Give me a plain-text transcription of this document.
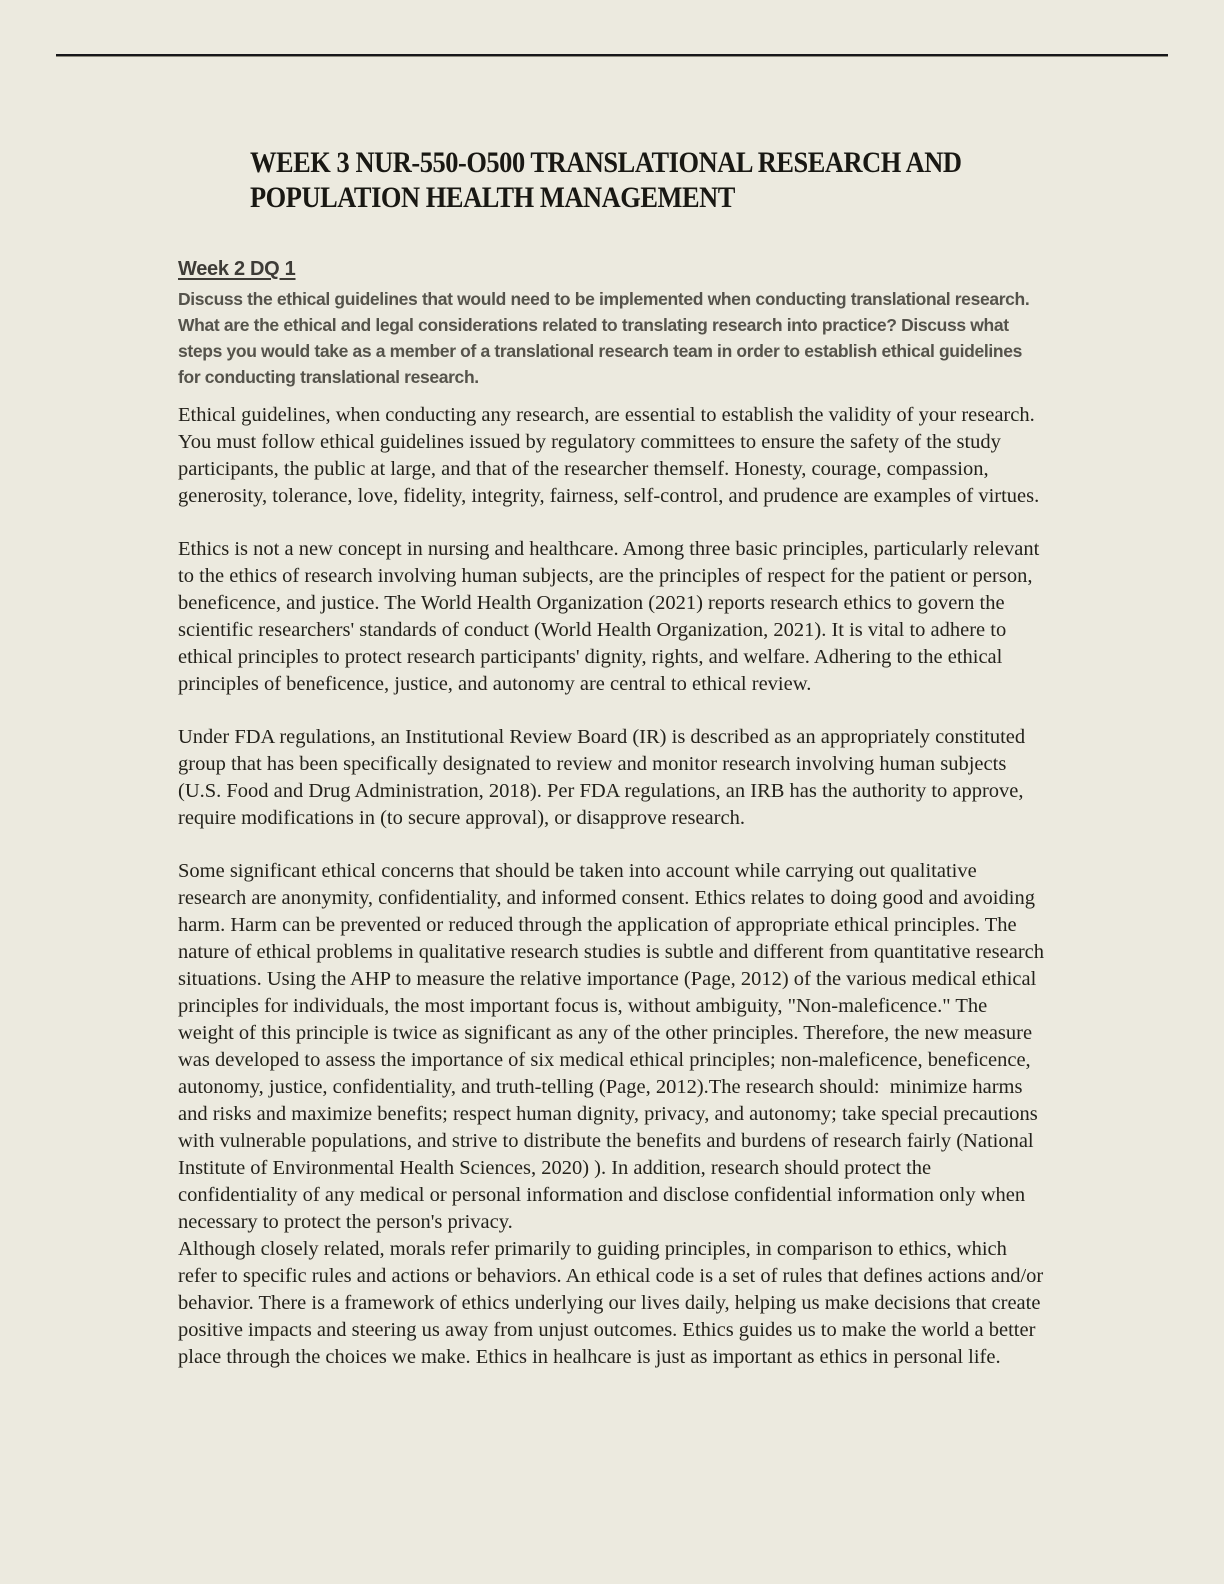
WEEK 3 NUR-550-O500 TRANSLATIONAL RESEARCH AND
POPULATION HEALTH MANAGEMENT
Week 2 DQ 1

Discuss the ethical guidelines that would need to be implemented when conducting translational research. What are the ethical and legal considerations related to translating research into practice? Discuss what steps you would take as a member of a translational research team in order to establish ethical guidelines for conducting translational research.

Ethical guidelines, when conducting any research, are essential to establish the validity of your research. You must follow ethical guidelines issued by regulatory committees to ensure the safety of the study participants, the public at large, and that of the researcher themself. Honesty, courage, compassion, generosity, tolerance, love, fidelity, integrity, fairness, self-control, and prudence are examples of virtues.

Ethics is not a new concept in nursing and healthcare. Among three basic principles, particularly relevant to the ethics of research involving human subjects, are the principles of respect for the patient or person, beneficence, and justice. The World Health Organization (2021) reports research ethics to govern the scientific researchers' standards of conduct (World Health Organization, 2021). It is vital to adhere to ethical principles to protect research participants' dignity, rights, and welfare. Adhering to the ethical principles of beneficence, justice, and autonomy are central to ethical review.

Under FDA regulations, an Institutional Review Board (IR) is described as an appropriately constituted group that has been specifically designated to review and monitor research involving human subjects (U.S. Food and Drug Administration, 2018). Per FDA regulations, an IRB has the authority to approve, require modifications in (to secure approval), or disapprove research.

Some significant ethical concerns that should be taken into account while carrying out qualitative research are anonymity, confidentiality, and informed consent. Ethics relates to doing good and avoiding harm. Harm can be prevented or reduced through the application of appropriate ethical principles. The nature of ethical problems in qualitative research studies is subtle and different from quantitative research situations. Using the AHP to measure the relative importance (Page, 2012) of the various medical ethical principles for individuals, the most important focus is, without ambiguity, "Non-maleficence." The weight of this principle is twice as significant as any of the other principles. Therefore, the new measure was developed to assess the importance of six medical ethical principles; non-maleficence, beneficence, autonomy, justice, confidentiality, and truth-telling (Page, 2012).The research should:  minimize harms and risks and maximize benefits; respect human dignity, privacy, and autonomy; take special precautions with vulnerable populations, and strive to distribute the benefits and burdens of research fairly (National Institute of Environmental Health Sciences, 2020) ). In addition, research should protect the confidentiality of any medical or personal information and disclose confidential information only when necessary to protect the person's privacy.

Although closely related, morals refer primarily to guiding principles, in comparison to ethics, which refer to specific rules and actions or behaviors. An ethical code is a set of rules that defines actions and/or behavior. There is a framework of ethics underlying our lives daily, helping us make decisions that create positive impacts and steering us away from unjust outcomes. Ethics guides us to make the world a better place through the choices we make. Ethics in healhcare is just as important as ethics in personal life.
